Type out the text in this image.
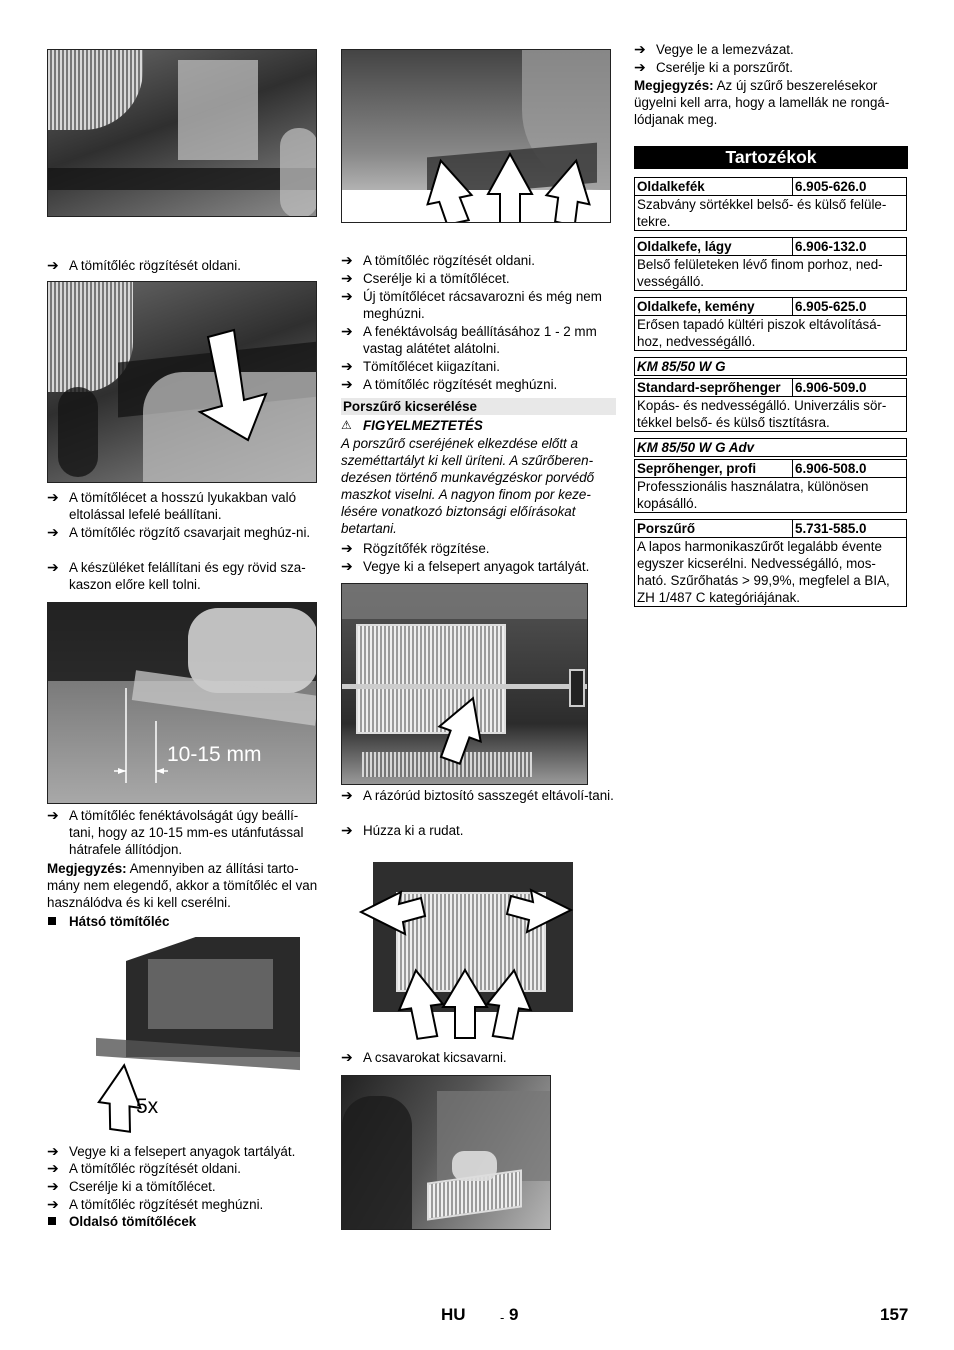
➔ A tömítőléc rögzítését oldani.
➔ A tömítőlécet a hosszú lyukakban való eltolással lefelé beállítani.
➔ A tömítőléc rögzítő csavarjait meghúz-ni.
➔ A készüléket felállítani és egy rövid sza-kaszon előre kell tolni.
10-15 mm
➔ A tömítőléc fenéktávolságát úgy beállí-tani, hogy az 10-15 mm-es utánfutással hátrafele állítódjon.
Megjegyzés: Amennyiben az állítási tarto-mány nem elegendő, akkor a tömítőléc el van használódva és ki kell cserélni.
Hátsó tömítőléc
5x
➔ Vegye ki a felsepert anyagok tartályát.
➔ A tömítőléc rögzítését oldani.
➔ Cserélje ki a tömítőlécet.
➔ A tömítőléc rögzítését meghúzni.
Oldalsó tömítőlécek
➔ A tömítőléc rögzítését oldani.
➔ Cserélje ki a tömítőlécet.
➔ Új tömítőlécet rácsavarozni és még nem meghúzni.
➔ A fenéktávolság beállításához 1 - 2 mm vastag alátétet alátolni.
➔ Tömítőlécet kiigazítani.
➔ A tömítőléc rögzítését meghúzni.
Porszűrő kicserélése
⚠ FIGYELMEZTETÉS
A porszűrő cseréjének elkezdése előtt a szeméttartályt ki kell üríteni. A szűrőberen-dezésen történő munkavégzéskor porvédő maszkot viselni. A nagyon finom por keze-lésére vonatkozó biztonsági előírásokat betartani.
➔ Rögzítőfék rögzítése.
➔ Vegye ki a felsepert anyagok tartályát.
➔ A rázórúd biztosító sasszegét eltávolí-tani.
➔ Húzza ki a rudat.
➔ A csavarokat kicsavarni.
➔ Vegye le a lemezvázat.
➔ Cserélje ki a porszűrőt.
Megjegyzés: Az új szűrő beszerelésekor ügyelni kell arra, hogy a lamellák ne rongá-lódjanak meg.
Tartozékok
Oldalkefék	6.905-626.0
Szabvány sörtékkel belső- és külső felüle-tekre.	

Oldalkefe, lágy	6.906-132.0
Belső felületeken lévő finom porhoz, ned-vességálló.	

Oldalkefe, kemény	6.905-625.0
Erősen tapadó kültéri piszok eltávolításá-hoz, nedvességálló.	

KM 85/50 W G	

Standard-seprőhenger	6.906-509.0
Kopás- és nedvességálló. Univerzális sör-tékkel belső- és külső tisztításra.	

KM 85/50 W G Adv	

Seprőhenger, profi	6.906-508.0
Professzionális használatra, különösen kopásálló.	

Porszűrő	5.731-585.0
A lapos harmonikaszűrőt legalább évente egyszer kicserélni. Nedvességálló, mos-ható. Szűrőhatás > 99,9%, megfelel a BIA, ZH 1/487 C kategóriájának.	
HU	- 9	157
